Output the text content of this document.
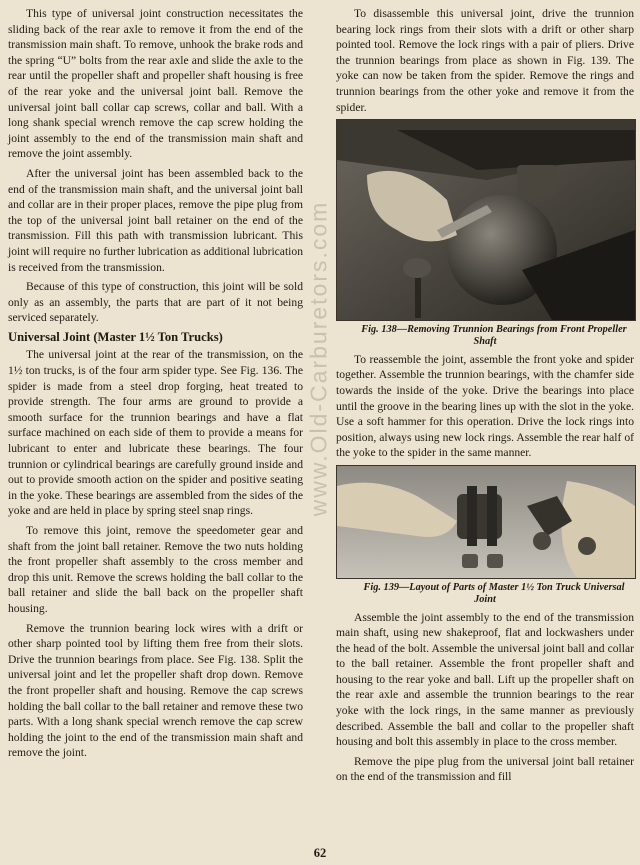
This type of universal joint construction necessitates the sliding back of the rear axle to remove it from the end of the transmission main shaft. To remove, unhook the brake rods and the spring “U” bolts from the rear axle and slide the axle to the rear until the propeller shaft and propeller shaft housing is free of the rear yoke and the universal joint ball. Remove the universal joint ball collar cap screws, collar and ball. With a long shank special wrench remove the cap screw holding the joint assembly to the end of the transmission main shaft and remove the joint assembly.

After the universal joint has been assembled back to the end of the transmission main shaft, and the universal joint ball and collar are in their proper places, remove the pipe plug from the top of the universal joint ball retainer on the end of the transmission. Fill this path with transmission lubricant. This joint will require no further lubrication as additional lubrication is received from the transmission.

Because of this type of construction, this joint will be sold only as an assembly, the parts that are part of it not being serviced separately.

Universal Joint (Master 1½ Ton Trucks)

The universal joint at the rear of the transmission, on the 1½ ton trucks, is of the four arm spider type. See Fig. 136. The spider is made from a steel drop forging, heat treated to provide strength. The four arms are ground to provide a smooth surface for the trunnion bearings and have a flat surface machined on each side of them to provide a means for lubricant to enter and lubricate these bearings. The four trunnion or cylindrical bearings are carefully ground inside and out to provide smooth action on the spider and positive seating in the yoke. These bearings are assembled from the sides of the yoke and are held in place by spring steel snap rings.

To remove this joint, remove the speedometer gear and shaft from the joint ball retainer. Remove the two nuts holding the front propeller shaft assembly to the cross member and drop this unit. Remove the screws holding the ball collar to the ball retainer and slide the ball back on the propeller shaft housing.

Remove the trunnion bearing lock wires with a drift or other sharp pointed tool by lifting them free from their slots. Drive the trunnion bearings from place. See Fig. 138. Split the universal joint and let the propeller shaft drop down. Remove the front propeller shaft and housing. Remove the cap screws holding the ball collar to the ball retainer and remove these two parts. With a long shank special wrench remove the cap screw holding the joint to the end of the transmission main shaft and remove the joint.

www.Old-Carburetors.com

To disassemble this universal joint, drive the trunnion bearing lock rings from their slots with a drift or other sharp pointed tool. Remove the lock rings with a pair of pliers. Drive the trunnion bearings from place as shown in Fig. 139. The yoke can now be taken from the spider. Remove the rings and trunnion bearings from the other yoke and remove it from the spider.

Fig. 138—Removing Trunnion Bearings from Front Propeller Shaft

To reassemble the joint, assemble the front yoke and spider together. Assemble the trunnion bearings, with the chamfer side towards the inside of the yoke. Drive the bearings into place until the groove in the bearing lines up with the slot in the yoke. Use a soft hammer for this operation. Drive the lock rings into position, always using new lock rings. Assemble the rear half of the yoke to the spider in the same manner.

Fig. 139—Layout of Parts of Master 1½ Ton Truck Universal Joint

Assemble the joint assembly to the end of the transmission main shaft, using new shakeproof, flat and lockwashers under the head of the bolt. Assemble the universal joint ball and collar to the ball retainer. Assemble the front propeller shaft and housing to the rear yoke and ball. Lift up the propeller shaft on the rear axle and assemble the trunnion bearings to the rear yoke with the lock rings, in the same manner as previously described. Assemble the ball and collar to the propeller shaft housing and bolt this assembly in place to the cross member.

Remove the pipe plug from the universal joint ball retainer on the end of the transmission and fill

62
